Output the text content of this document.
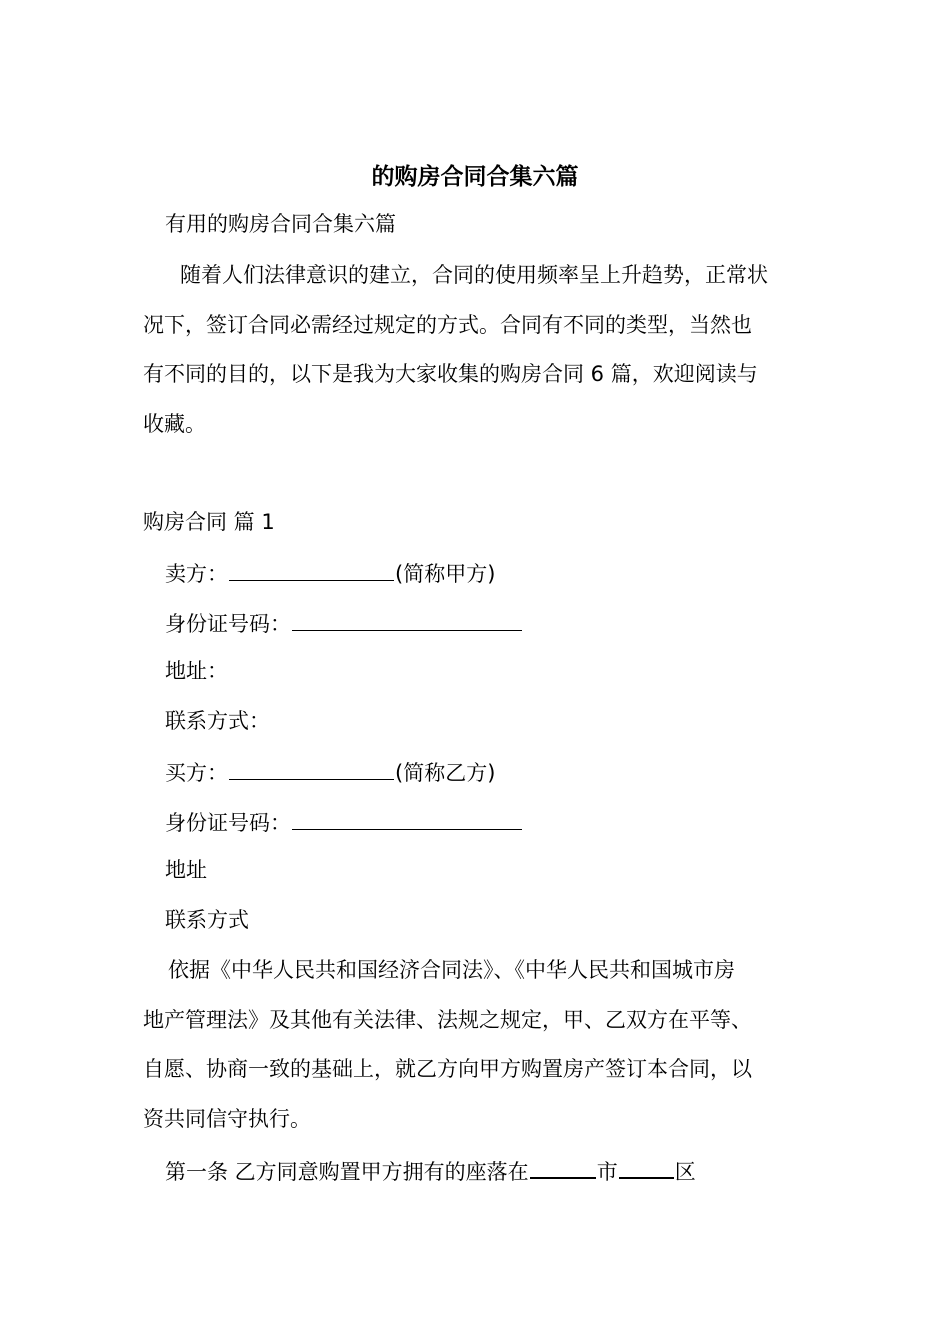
的购房合同合集六篇
有用的购房合同合集六篇
随着人们法律意识的建立，合同的使用频率呈上升趋势，正常状
况下，签订合同必需经过规定的方式。合同有不同的类型，当然也
有不同的目的，以下是我为大家收集的购房合同 6 篇，欢迎阅读与
收藏。
购房合同 篇 1
卖方：	(简称甲方)
身份证号码：
地址：
联系方式：
买方：	(简称乙方)
身份证号码：
地址
联系方式
依据《中华人民共和国经济合同法》、《中华人民共和国城市房
地产管理法》及其他有关法律、法规之规定，甲、乙双方在平等、
自愿、协商一致的基础上，就乙方向甲方购置房产签订本合同，以
资共同信守执行。
第一条 乙方同意购置甲方拥有的座落在	市	区
